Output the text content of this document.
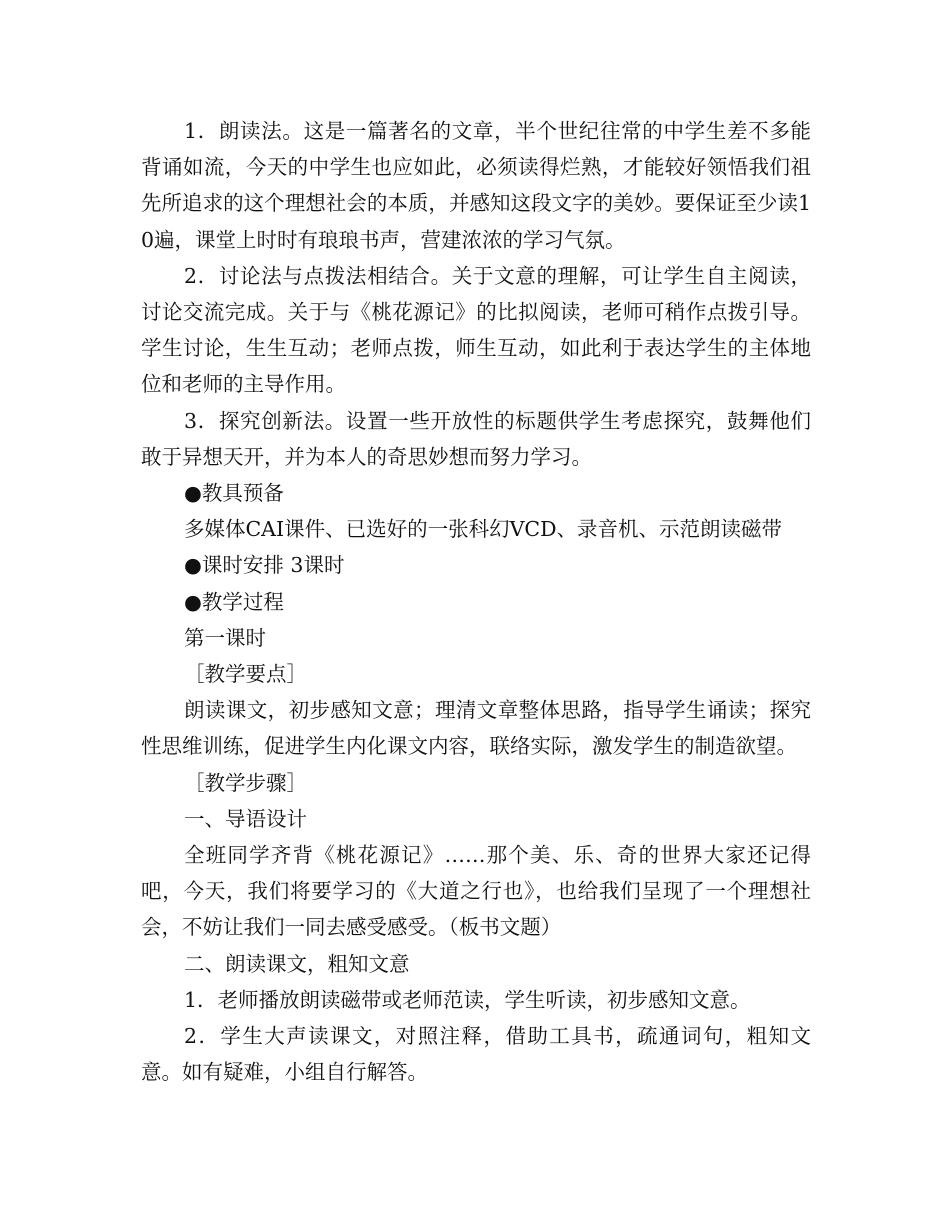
1．朗读法。这是一篇著名的文章，半个世纪往常的中学生差不多能背诵如流，今天的中学生也应如此，必须读得烂熟，才能较好领悟我们祖先所追求的这个理想社会的本质，并感知这段文字的美妙。要保证至少读10遍，课堂上时时有琅琅书声，营建浓浓的学习气氛。

2．讨论法与点拨法相结合。关于文意的理解，可让学生自主阅读，讨论交流完成。关于与《桃花源记》的比拟阅读，老师可稍作点拨引导。学生讨论，生生互动；老师点拨，师生互动，如此利于表达学生的主体地位和老师的主导作用。

3．探究创新法。设置一些开放性的标题供学生考虑探究，鼓舞他们敢于异想天开，并为本人的奇思妙想而努力学习。

●教具预备

多媒体CAI课件、已选好的一张科幻VCD、录音机、示范朗读磁带

●课时安排 3课时

●教学过程

第一课时

［教学要点］

朗读课文，初步感知文意；理清文章整体思路，指导学生诵读；探究性思维训练，促进学生内化课文内容，联络实际，激发学生的制造欲望。

［教学步骤］

一、导语设计

全班同学齐背《桃花源记》……那个美、乐、奇的世界大家还记得吧，今天，我们将要学习的《大道之行也》，也给我们呈现了一个理想社会，不妨让我们一同去感受感受。（板书文题）

二、朗读课文，粗知文意

1．老师播放朗读磁带或老师范读，学生听读，初步感知文意。

2．学生大声读课文，对照注释，借助工具书，疏通词句，粗知文意。如有疑难，小组自行解答。
